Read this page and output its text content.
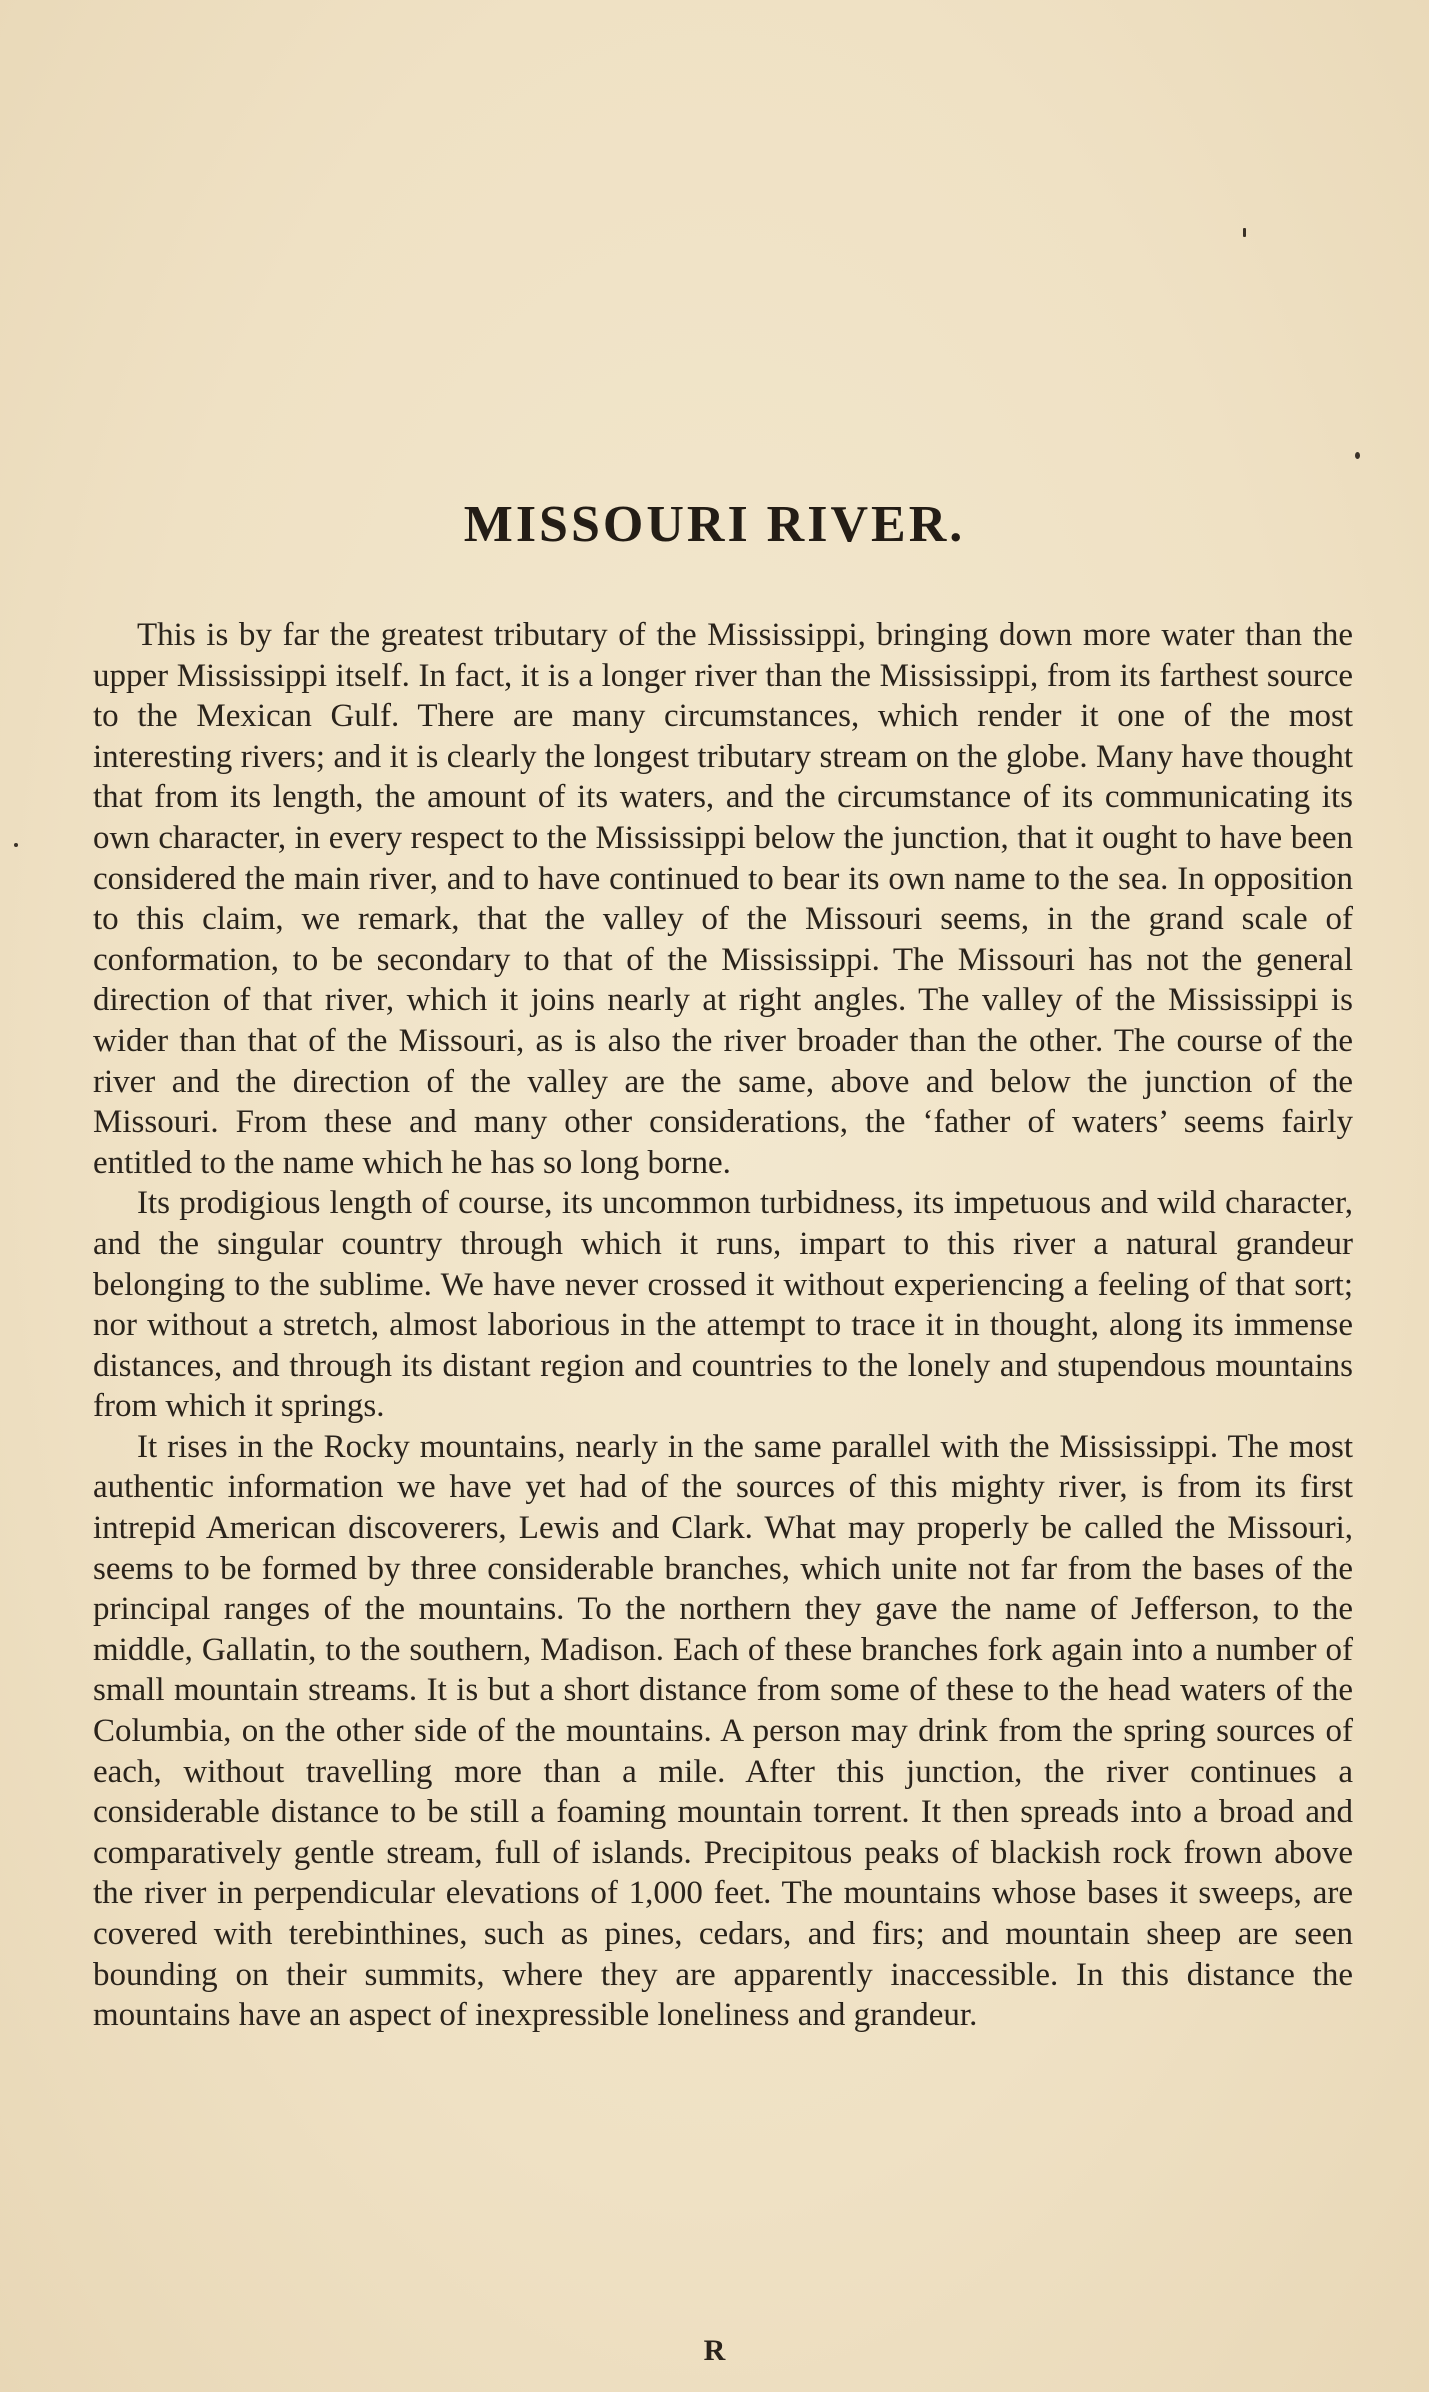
MISSOURI RIVER.

This is by far the greatest tributary of the Mississippi, bringing down more water than the upper Mississippi itself. In fact, it is a longer river than the Mississippi, from its farthest source to the Mexican Gulf. There are many circumstances, which render it one of the most interesting rivers; and it is clearly the longest tributary stream on the globe. Many have thought that from its length, the amount of its waters, and the circumstance of its communicating its own character, in every respect to the Mississippi below the junction, that it ought to have been considered the main river, and to have continued to bear its own name to the sea. In opposition to this claim, we remark, that the valley of the Missouri seems, in the grand scale of conformation, to be secondary to that of the Mississippi. The Missouri has not the general direction of that river, which it joins nearly at right angles. The valley of the Mississippi is wider than that of the Missouri, as is also the river broader than the other. The course of the river and the direction of the valley are the same, above and below the junction of the Missouri. From these and many other considerations, the ‘father of waters’ seems fairly entitled to the name which he has so long borne.

Its prodigious length of course, its uncommon turbidness, its impetuous and wild character, and the singular country through which it runs, impart to this river a natural grandeur belonging to the sublime. We have never crossed it without experiencing a feeling of that sort; nor without a stretch, almost laborious in the attempt to trace it in thought, along its immense distances, and through its distant region and countries to the lonely and stupendous mountains from which it springs.

It rises in the Rocky mountains, nearly in the same parallel with the Mississippi. The most authentic information we have yet had of the sources of this mighty river, is from its first intrepid American discoverers, Lewis and Clark. What may properly be called the Missouri, seems to be formed by three considerable branches, which unite not far from the bases of the principal ranges of the mountains. To the northern they gave the name of Jefferson, to the middle, Gallatin, to the southern, Madison. Each of these branches fork again into a number of small mountain streams. It is but a short distance from some of these to the head waters of the Columbia, on the other side of the mountains. A person may drink from the spring sources of each, without travelling more than a mile. After this junction, the river continues a considerable distance to be still a foaming mountain torrent. It then spreads into a broad and comparatively gentle stream, full of islands. Precipitous peaks of blackish rock frown above the river in perpendicular elevations of 1,000 feet. The mountains whose bases it sweeps, are covered with terebinthines, such as pines, cedars, and firs; and mountain sheep are seen bounding on their summits, where they are apparently inaccessible. In this distance the mountains have an aspect of inexpressible loneliness and grandeur.

R
